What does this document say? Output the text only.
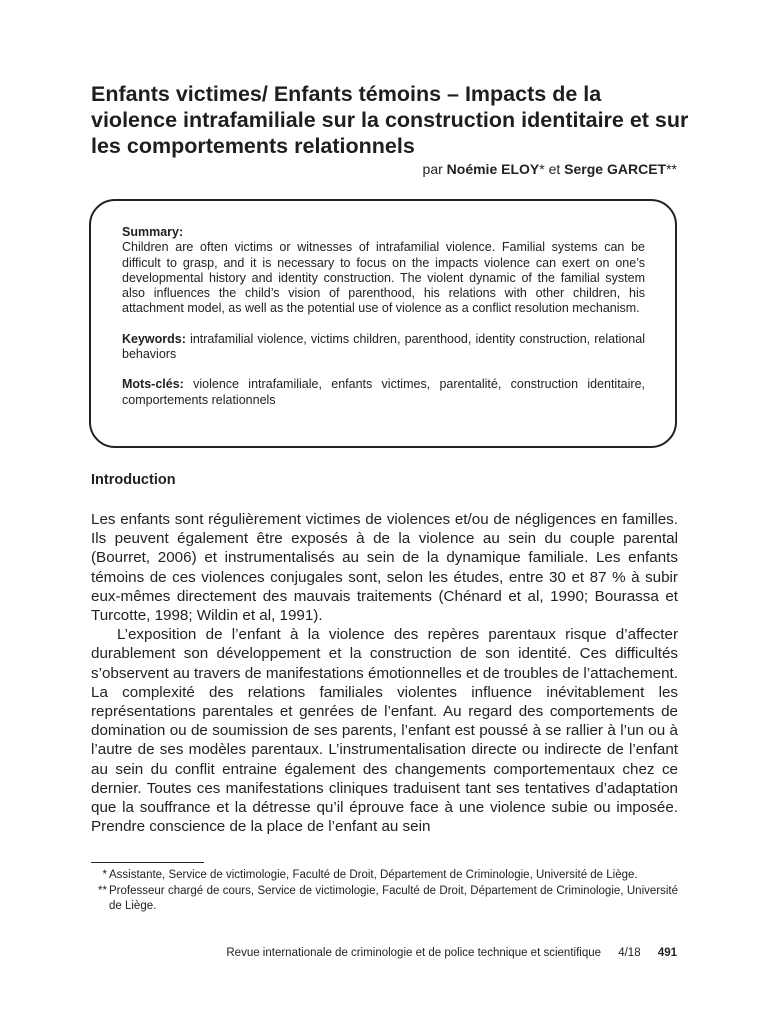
Enfants victimes/ Enfants témoins – Impacts de la violence intrafamiliale sur la construction identitaire et sur les comportements relationnels
par Noémie ELOY* et Serge GARCET**

Summary:

Children are often victims or witnesses of intrafamilial violence. Familial systems can be difficult to grasp, and it is necessary to focus on the impacts violence can exert on one’s developmental history and identity construction. The violent dynamic of the familial system also influences the child’s vision of parenthood, his relations with other children, his attachment model, as well as the potential use of violence as a conflict resolution mechanism.

Keywords: intrafamilial violence, victims children, parenthood, identity construction, relational behaviors

Mots-clés: violence intrafamiliale, enfants victimes, parentalité, construction identitaire, comportements relationnels

Introduction

Les enfants sont régulièrement victimes de violences et/ou de négligences en familles. Ils peuvent également être exposés à de la violence au sein du couple parental (Bourret, 2006) et instrumentalisés au sein de la dynamique familiale. Les enfants témoins de ces violences conjugales sont, selon les études, entre 30 et 87 % à subir eux-mêmes directement des mauvais traitements (Chénard et al, 1990; Bourassa et Turcotte, 1998; Wildin et al, 1991).

L’exposition de l’enfant à la violence des repères parentaux risque d’affecter durablement son développement et la construction de son identité. Ces difficultés s’observent au travers de manifestations émotionnelles et de troubles de l’attachement. La complexité des relations familiales violentes influence inévitablement les représentations parentales et genrées de l’enfant. Au regard des comportements de domination ou de soumission de ses parents, l’enfant est poussé à se rallier à l’un ou à l’autre de ses modèles parentaux. L’instrumentalisation directe ou indirecte de l’enfant au sein du conflit entraine également des changements comportementaux chez ce dernier. Toutes ces manifestations cliniques traduisent tant ses tentatives d’adaptation que la souffrance et la détresse qu’il éprouve face à une violence subie ou imposée. Prendre conscience de la place de l’enfant au sein

* Assistante, Service de victimologie, Faculté de Droit, Département de Criminologie, Université de Liège.
** Professeur chargé de cours, Service de victimologie, Faculté de Droit, Département de Criminologie, Université de Liège.
Revue internationale de criminologie et de police technique et scientifique 4/18 491
